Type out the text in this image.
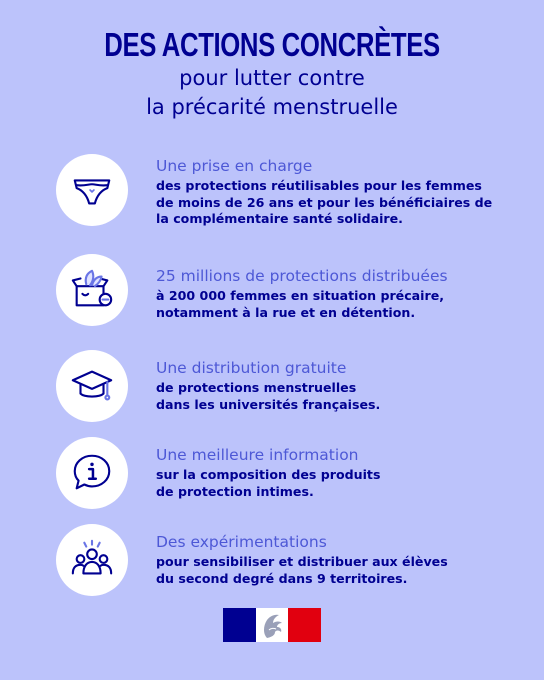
DES ACTIONS CONCRÈTES
pour lutter contre
la précarité menstruelle
Une prise en charge
des protections réutilisables pour les femmes
de moins de 26 ans et pour les bénéficiaires de
la complémentaire santé solidaire.
25 millions de protections distribuées
à 200 000 femmes en situation précaire,
notamment à la rue et en détention.
Une distribution gratuite
de protections menstruelles
dans les universités françaises.
Une meilleure information
sur la composition des produits
de protection intimes.
Des expérimentations
pour sensibiliser et distribuer aux élèves
du second degré dans 9 territoires.
